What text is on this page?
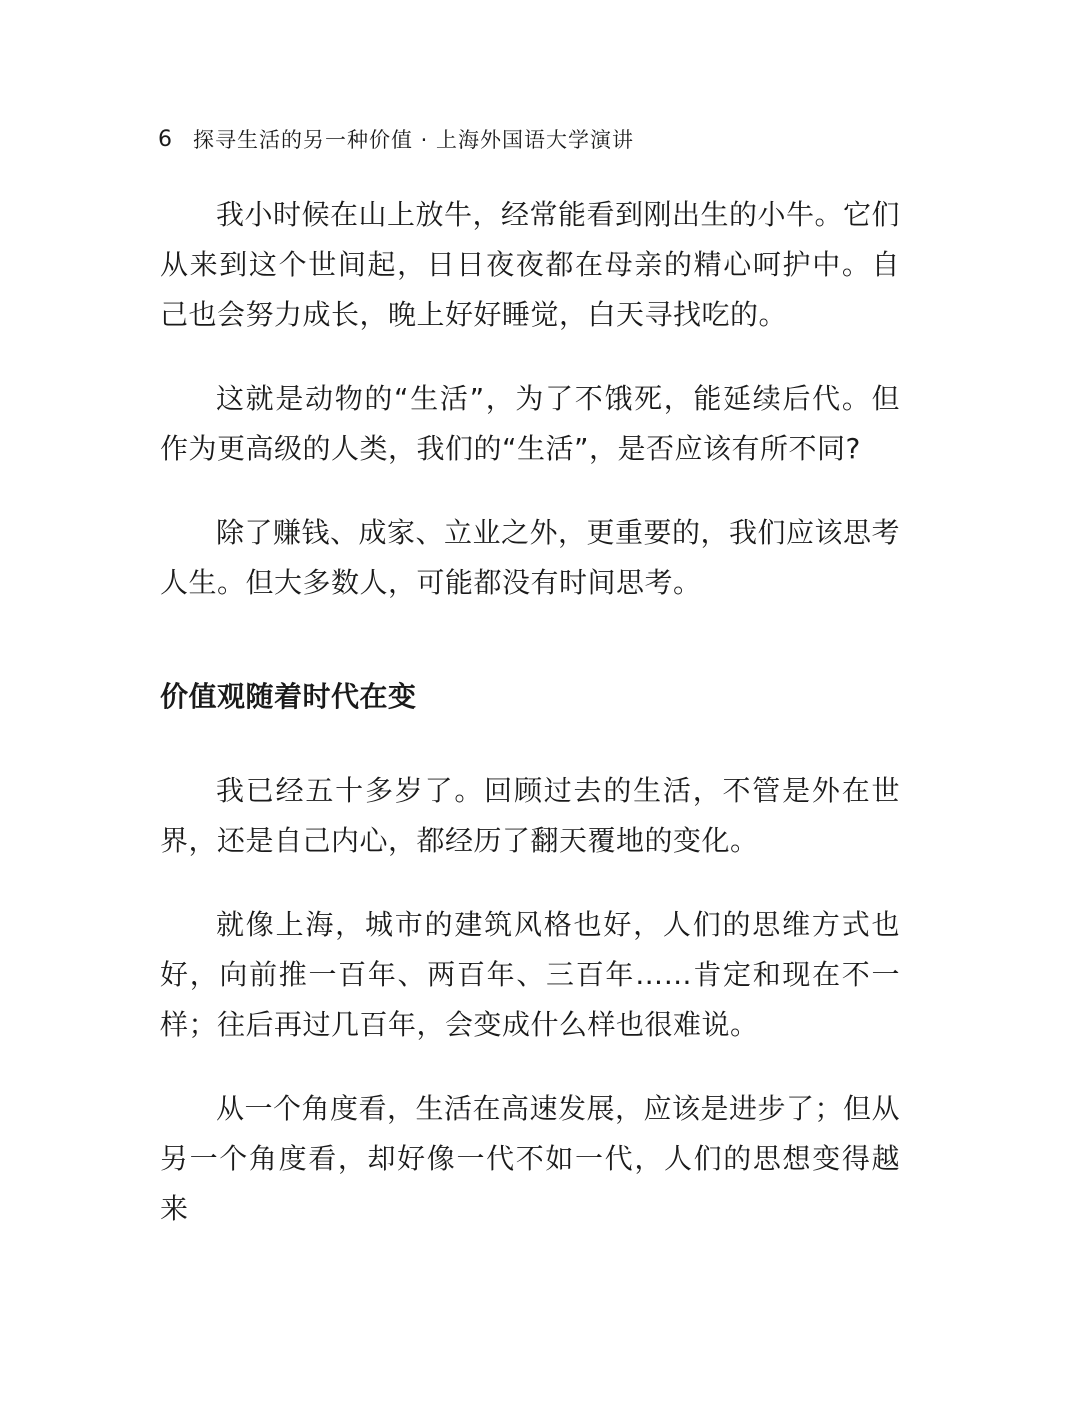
6 探寻生活的另一种价值 · 上海外国语大学演讲

我小时候在山上放牛，经常能看到刚出生的小牛。它们从来到这个世间起，日日夜夜都在母亲的精心呵护中。自己也会努力成长，晚上好好睡觉，白天寻找吃的。

这就是动物的“生活”，为了不饿死，能延续后代。但作为更高级的人类，我们的“生活”，是否应该有所不同?

除了赚钱、成家、立业之外，更重要的，我们应该思考人生。但大多数人，可能都没有时间思考。

价值观随着时代在变

我已经五十多岁了。回顾过去的生活，不管是外在世界，还是自己内心，都经历了翻天覆地的变化。

就像上海，城市的建筑风格也好，人们的思维方式也好，向前推一百年、两百年、三百年……肯定和现在不一样；往后再过几百年，会变成什么样也很难说。

从一个角度看，生活在高速发展，应该是进步了；但从另一个角度看，却好像一代不如一代，人们的思想变得越来
